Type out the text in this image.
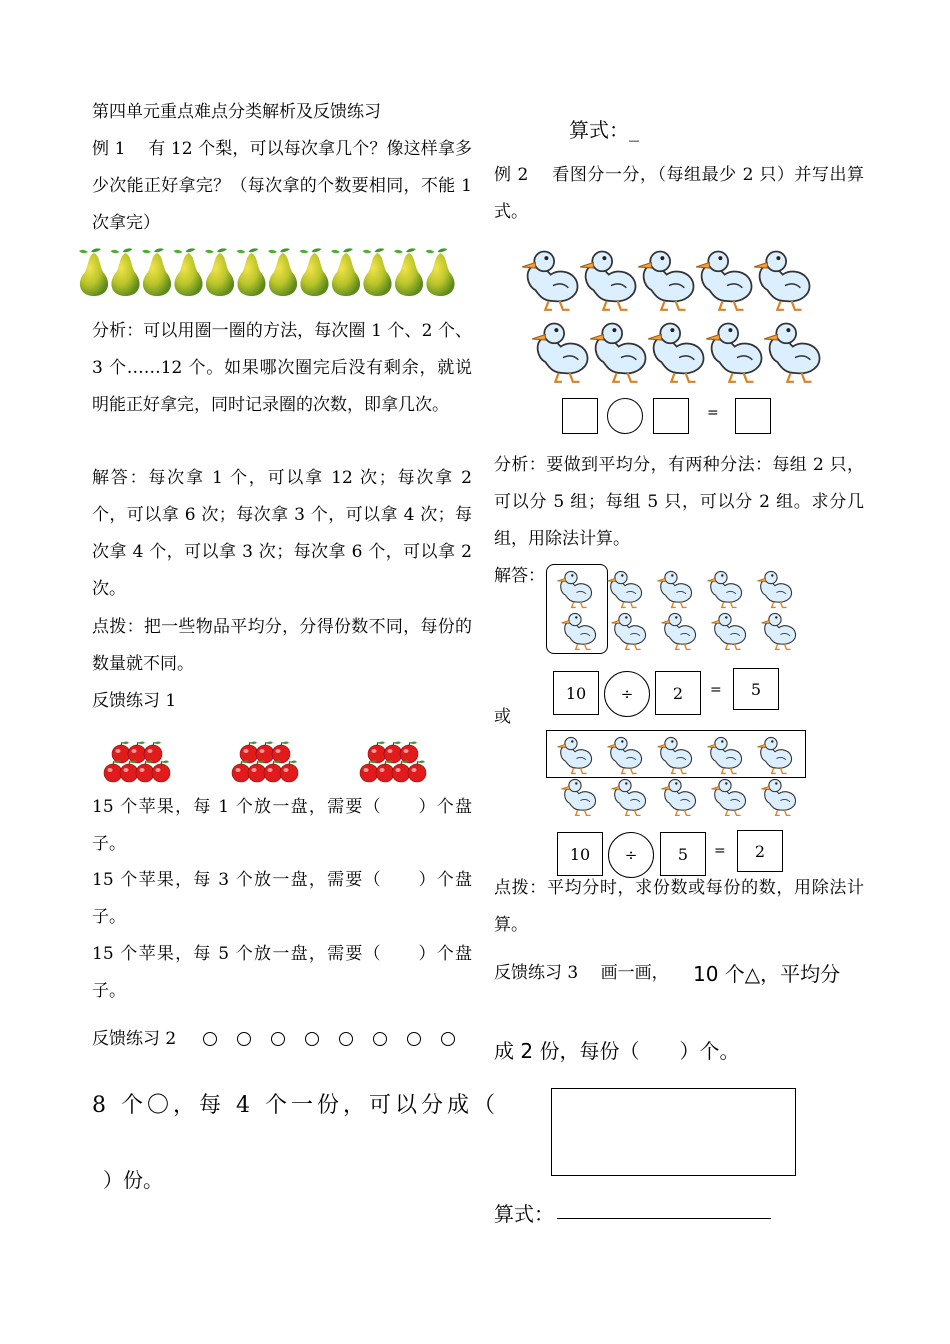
第四单元重点难点分类解析及反馈练习
例 1　 有 12 个梨，可以每次拿几个？像这样拿多少次能正好拿完？（每次拿的个数要相同，不能 1 次拿完）
分析：可以用圈一圈的方法，每次圈 1 个、2 个、3 个……12 个。如果哪次圈完后没有剩余，就说明能正好拿完，同时记录圈的次数，即拿几次。
解答：每次拿 1 个，可以拿 12 次；每次拿 2 个，可以拿 6 次；每次拿 3 个，可以拿 4 次；每次拿 4 个，可以拿 3 次；每次拿 6 个，可以拿 2 次。
点拨：把一些物品平均分，分得份数不同，每份的数量就不同。
反馈练习 1
15 个苹果，每 1 个放一盘，需要（　　）个盘子。
15 个苹果，每 3 个放一盘，需要（　　）个盘子。
15 个苹果，每 5 个放一盘，需要（　　）个盘子。
反馈练习 2
8 个〇，每 4 个一份，可以分成（
）份。
算式：_
例 2　 看图分一分，（每组最少 2 只）并写出算式。
=
分析：要做到平均分，有两种分法：每组 2 只，可以分 5 组；每组 5 只，可以分 2 组。求分几组，用除法计算。
解答：
10	÷	2	=	5
或
10	÷	5	=	2
点拨：平均分时，求份数或每份的数，用除法计算。
反馈练习 3　 画一画， 10 个△，平均分
成 2 份，每份（　　）个。
算式：
